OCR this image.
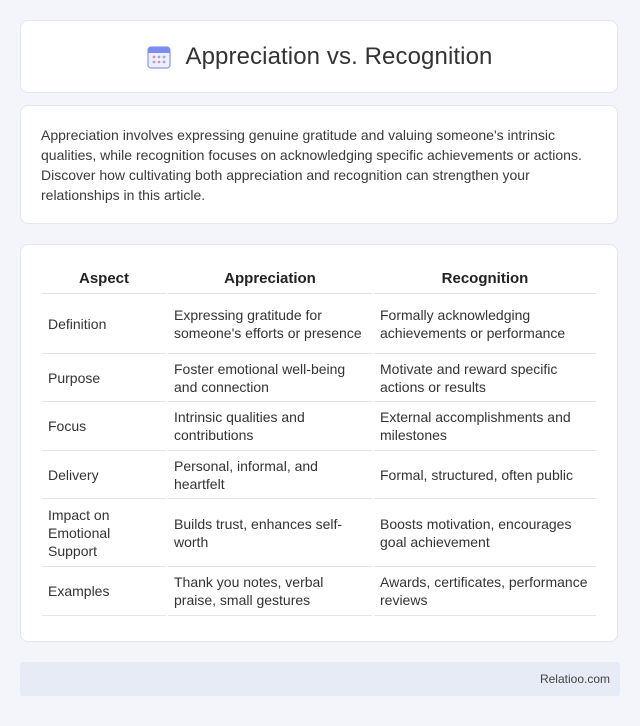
Appreciation vs. Recognition

Appreciation involves expressing genuine gratitude and valuing someone's intrinsic qualities, while recognition focuses on acknowledging specific achievements or actions. Discover how cultivating both appreciation and recognition can strengthen your relationships in this article.

Aspect	Appreciation	Recognition
Definition	Expressing gratitude for someone's efforts or presence	Formally acknowledging achievements or performance
Purpose	Foster emotional well-being and connection	Motivate and reward specific actions or results
Focus	Intrinsic qualities and contributions	External accomplishments and milestones
Delivery	Personal, informal, and heartfelt	Formal, structured, often public
Impact on Emotional Support	Builds trust, enhances self-worth	Boosts motivation, encourages goal achievement
Examples	Thank you notes, verbal praise, small gestures	Awards, certificates, performance reviews
Relatioo.com
